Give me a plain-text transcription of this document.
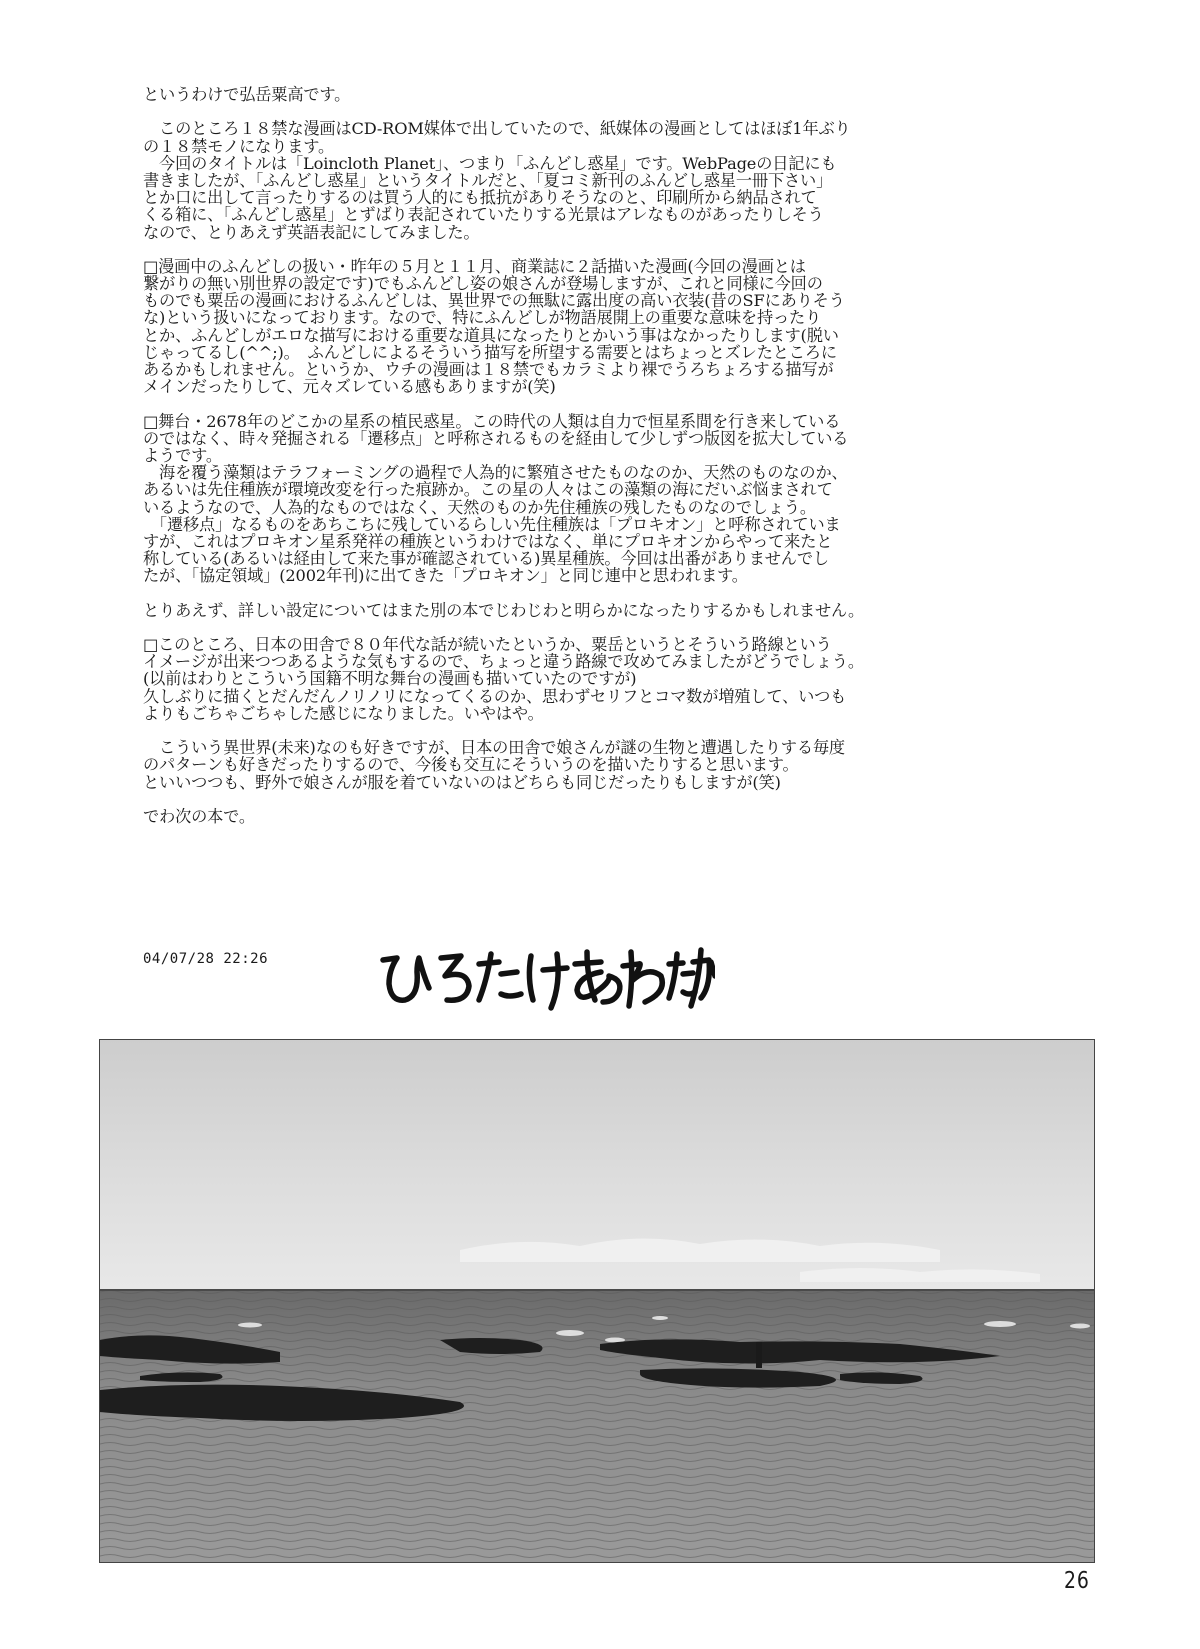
というわけで弘岳粟高です。
　このところ１８禁な漫画はCD-ROM媒体で出していたので、紙媒体の漫画としてはほぼ1年ぶり
の１８禁モノになります。
　今回のタイトルは「Loincloth Planet」、つまり「ふんどし惑星」です。WebPageの日記にも
書きましたが、「ふんどし惑星」というタイトルだと、「夏コミ新刊のふんどし惑星一冊下さい」
とか口に出して言ったりするのは買う人的にも抵抗がありそうなのと、印刷所から納品されて
くる箱に、「ふんどし惑星」とずばり表記されていたりする光景はアレなものがあったりしそう
なので、とりあえず英語表記にしてみました。
□漫画中のふんどしの扱い・昨年の５月と１１月、商業誌に２話描いた漫画(今回の漫画とは
繋がりの無い別世界の設定です)でもふんどし姿の娘さんが登場しますが、これと同様に今回の
ものでも粟岳の漫画におけるふんどしは、異世界での無駄に露出度の高い衣装(昔のSFにありそう
な)という扱いになっております。なので、特にふんどしが物語展開上の重要な意味を持ったり
とか、ふんどしがエロな描写における重要な道具になったりとかいう事はなかったりします(脱い
じゃってるし(^^;)。　ふんどしによるそういう描写を所望する需要とはちょっとズレたところに
あるかもしれません。というか、ウチの漫画は１８禁でもカラミより裸でうろちょろする描写が
メインだったりして、元々ズレている感もありますが(笑)
□舞台・2678年のどこかの星系の植民惑星。この時代の人類は自力で恒星系間を行き来している
のではなく、時々発掘される「遷移点」と呼称されるものを経由して少しずつ版図を拡大している
ようです。
　海を覆う藻類はテラフォーミングの過程で人為的に繁殖させたものなのか、天然のものなのか、
あるいは先住種族が環境改変を行った痕跡か。この星の人々はこの藻類の海にだいぶ悩まされて
いるようなので、人為的なものではなく、天然のものか先住種族の残したものなのでしょう。
　「遷移点」なるものをあちこちに残しているらしい先住種族は「プロキオン」と呼称されていま
すが、これはプロキオン星系発祥の種族というわけではなく、単にプロキオンからやって来たと
称している(あるいは経由して来た事が確認されている)異星種族。今回は出番がありませんでし
たが、「協定領域」(2002年刊)に出てきた「プロキオン」と同じ連中と思われます。
とりあえず、詳しい設定についてはまた別の本でじわじわと明らかになったりするかもしれません。
□このところ、日本の田舎で８０年代な話が続いたというか、粟岳というとそういう路線という
イメージが出来つつあるような気もするので、ちょっと違う路線で攻めてみましたがどうでしょう。
(以前はわりとこういう国籍不明な舞台の漫画も描いていたのですが)
久しぶりに描くとだんだんノリノリになってくるのか、思わずセリフとコマ数が増殖して、いつも
よりもごちゃごちゃした感じになりました。いやはや。
　こういう異世界(未来)なのも好きですが、日本の田舎で娘さんが謎の生物と遭遇したりする毎度
のパターンも好きだったりするので、今後も交互にそういうのを描いたりすると思います。
といいつつも、野外で娘さんが服を着ていないのはどちらも同じだったりもしますが(笑)
でわ次の本で。
04/07/28 22:26
26
